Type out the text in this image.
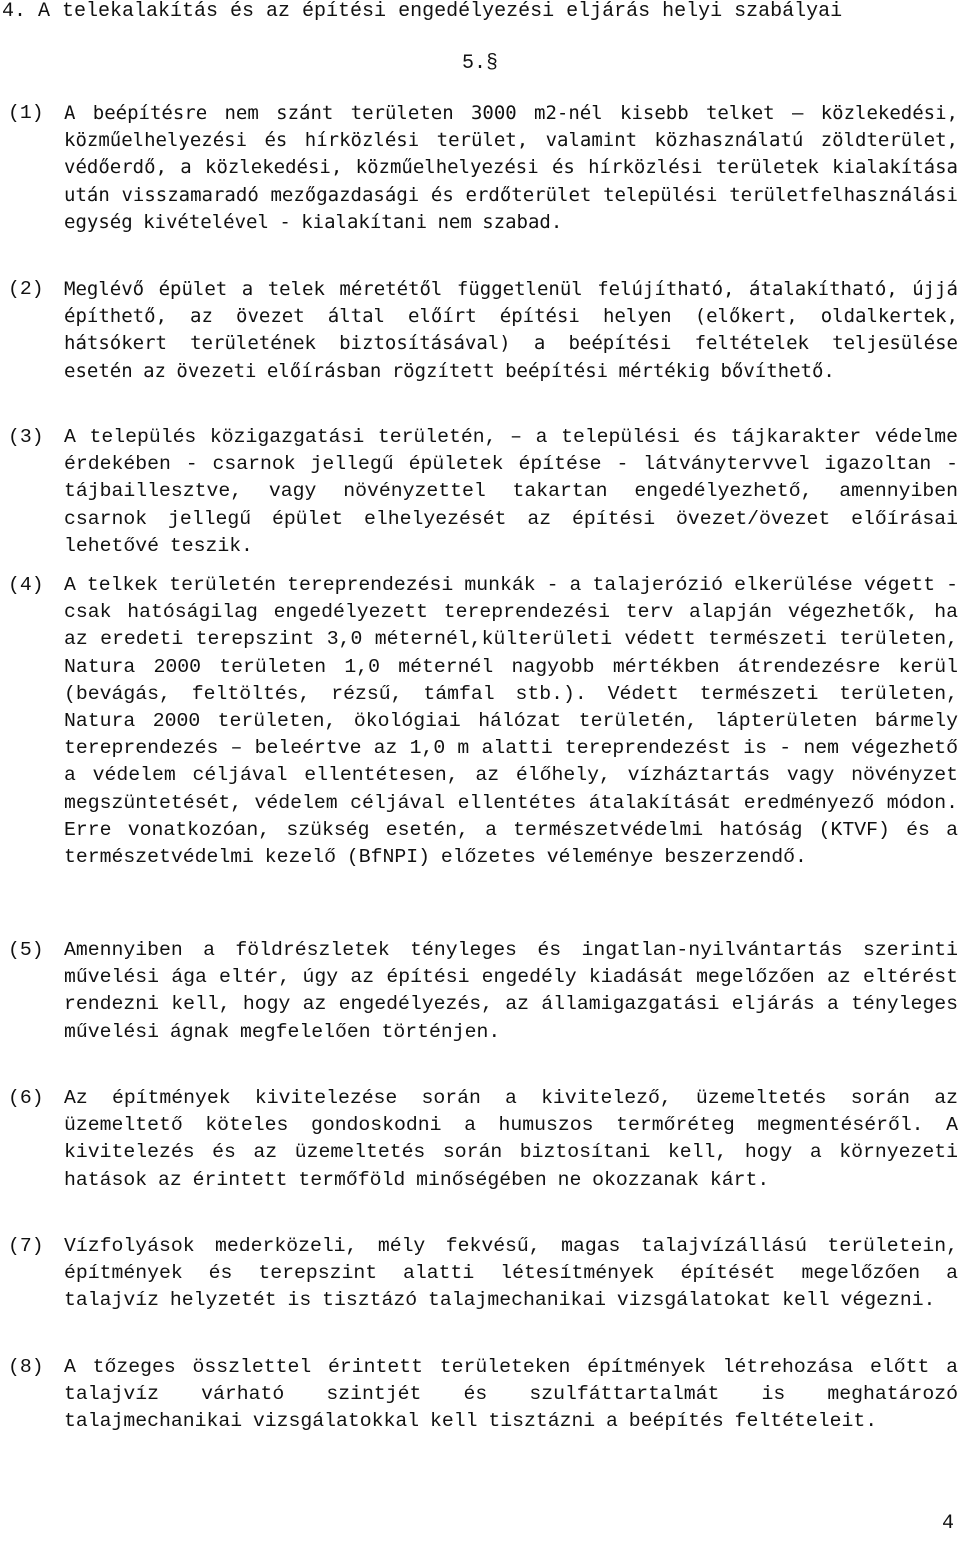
4. A telekalakítás és az építési engedélyezési eljárás helyi szabályai
5.§
(1) A beépítésre nem szánt területen 3000 m2-nél kisebb telket – közlekedési, közműelhelyezési és hírközlési terület, valamint közhasználatú zöldterület, védőerdő, a közlekedési, közműelhelyezési és hírközlési területek kialakítása után visszamaradó mezőgazdasági és erdőterület települési területfelhasználási egység kivételével - kialakítani nem szabad.
(2) Meglévő épület a telek méretétől függetlenül felújítható, átalakítható, újjá építhető, az övezet által előírt építési helyen (előkert, oldalkertek, hátsókert területének biztosításával) a beépítési feltételek teljesülése esetén az övezeti előírásban rögzített beépítési mértékig bővíthető.
(3) A település közigazgatási területén, – a települési és tájkarakter védelme érdekében - csarnok jellegű épületek építése - látványtervvel igazoltan - tájbaillesztve, vagy növényzettel takartan engedélyezhető, amennyiben csarnok jellegű épület elhelyezését az építési övezet/övezet előírásai lehetővé teszik.
(4) A telkek területén tereprendezési munkák - a talajerózió elkerülése végett - csak hatóságilag engedélyezett tereprendezési terv alapján végezhetők, ha az eredeti terepszint 3,0 méternél,külterületi védett természeti területen, Natura 2000 területen 1,0 méternél nagyobb mértékben átrendezésre kerül (bevágás, feltöltés, rézsű, támfal stb.). Védett természeti területen, Natura 2000 területen, ökológiai hálózat területén, lápterületen bármely tereprendezés – beleértve az 1,0 m alatti tereprendezést is - nem végezhető a védelem céljával ellentétesen, az élőhely, vízháztartás vagy növényzet megszüntetését, védelem céljával ellentétes átalakítását eredményező módon. Erre vonatkozóan, szükség esetén, a természetvédelmi hatóság (KTVF) és a természetvédelmi kezelő (BfNPI) előzetes véleménye beszerzendő.
(5) Amennyiben a földrészletek tényleges és ingatlan-nyilvántartás szerinti művelési ága eltér, úgy az építési engedély kiadását megelőzően az eltérést rendezni kell, hogy az engedélyezés, az államigazgatási eljárás a tényleges művelési ágnak megfelelően történjen.
(6) Az építmények kivitelezése során a kivitelező, üzemeltetés során az üzemeltető köteles gondoskodni a humuszos termőréteg megmentéséről. A kivitelezés és az üzemeltetés során biztosítani kell, hogy a környezeti hatások az érintett termőföld minőségében ne okozzanak kárt.
(7) Vízfolyások mederközeli, mély fekvésű, magas talajvízállású területein, építmények és terepszint alatti létesítmények építését megelőzően a talajvíz helyzetét is tisztázó talajmechanikai vizsgálatokat kell végezni.
(8) A tőzeges összlettel érintett területeken építmények létrehozása előtt a talajvíz várható szintjét és szulfáttartalmát is meghatározó talajmechanikai vizsgálatokkal kell tisztázni a beépítés feltételeit.
4
